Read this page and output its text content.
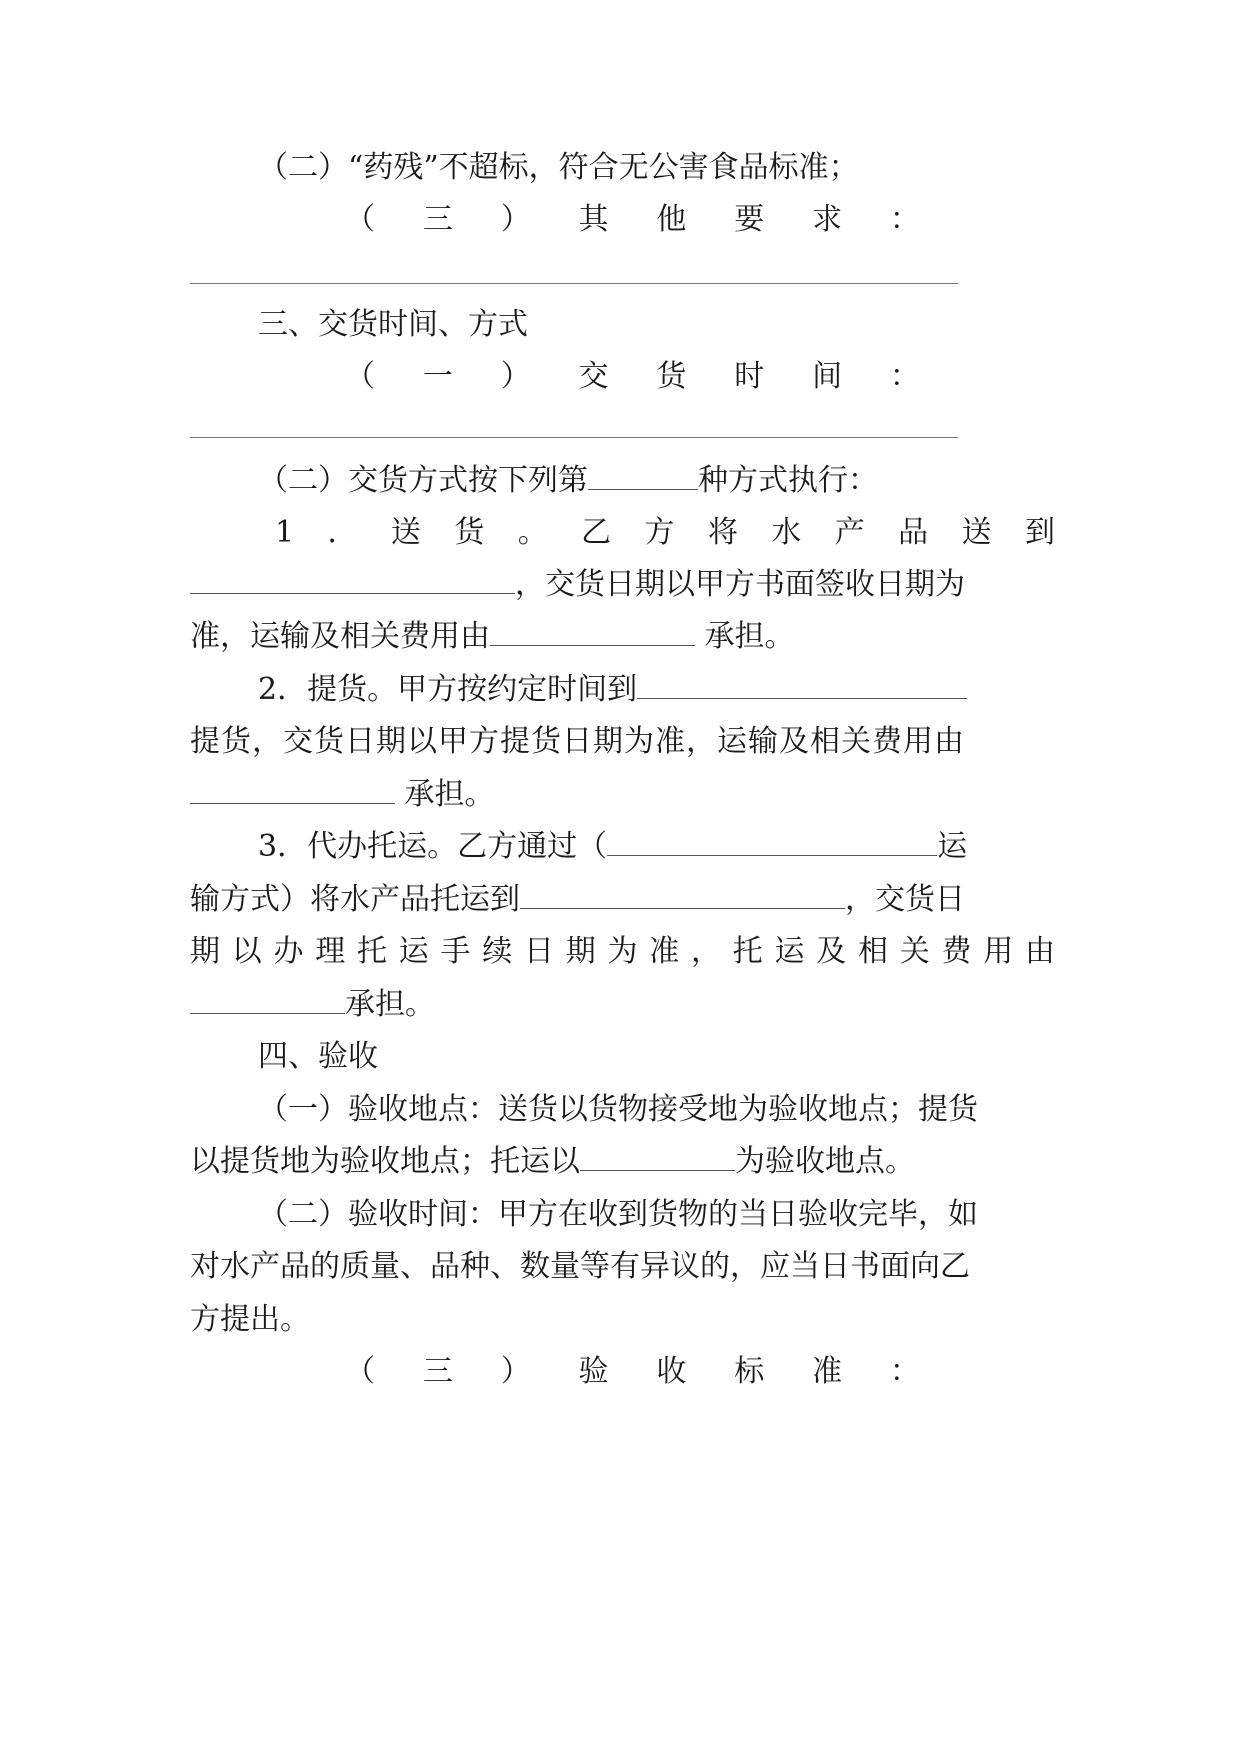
（二）“药残”不超标，符合无公害食品标准；
（ 三 ） 其 他 要 求 ：
三、交货时间、方式
（ 一 ） 交 货 时 间 ：
（二）交货方式按下列第	种方式执行：
1 ． 送 货 。 乙 方 将 水 产 品 送 到
，交货日期以甲方书面签收日期为
准，运输及相关费用由	承担。
2．提货。甲方按约定时间到
提货，交货日期以甲方提货日期为准，运输及相关费用由
承担。
3．代办托运。乙方通过（	运
输方式）将水产品托运到	，交货日
期 以 办 理 托 运 手 续 日 期 为 准 ， 托 运 及 相 关 费 用 由
承担。
四、验收
（一）验收地点：送货以货物接受地为验收地点；提货
以提货地为验收地点；托运以	为验收地点。
（二）验收时间：甲方在收到货物的当日验收完毕，如
对水产品的质量、品种、数量等有异议的，应当日书面向乙
方提出。
（ 三 ） 验 收 标 准 ：
